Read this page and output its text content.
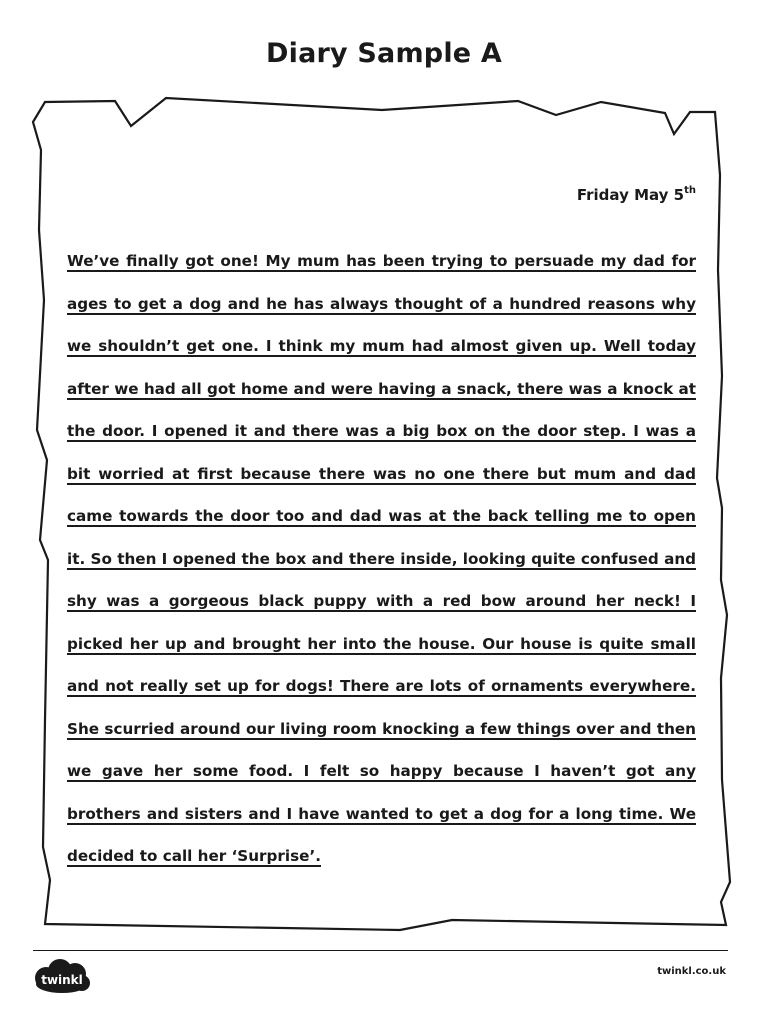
Diary Sample A
Friday May 5th

We’ve finally got one! My mum has been trying to persuade my dad for ages to get a dog and he has always thought of a hundred reasons why we shouldn’t get one. I think my mum had almost given up. Well today after we had all got home and were having a snack, there was a knock at the door. I opened it and there was a big box on the door step. I was a bit worried at first because there was no one there but mum and dad came towards the door too and dad was at the back telling me to open it. So then I opened the box and there inside, looking quite confused and shy was a gorgeous black puppy with a red bow around her neck! I picked her up and brought her into the house. Our house is quite small and not really set up for dogs! There are lots of ornaments everywhere. She scurried around our living room knocking a few things over and then we gave her some food. I felt so happy because I haven’t got any brothers and sisters and I have wanted to get a dog for a long time. We decided to call her ‘Surprise’.

twinkl
twinkl.co.uk
